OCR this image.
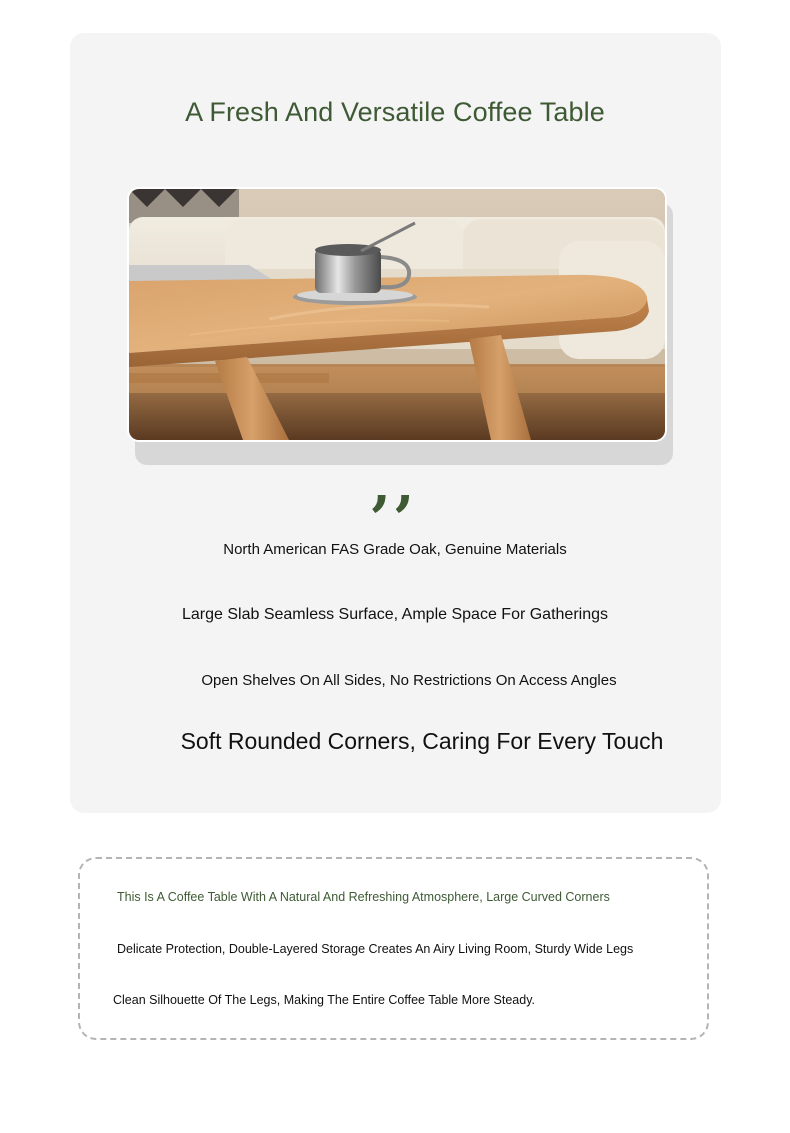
A Fresh And Versatile Coffee Table
,,
North American FAS Grade Oak, Genuine Materials
Large Slab Seamless Surface, Ample Space For Gatherings
Open Shelves On All Sides, No Restrictions On Access Angles
Soft Rounded Corners, Caring For Every Touch
This Is A Coffee Table With A Natural And Refreshing Atmosphere, Large Curved Corners
Delicate Protection, Double-Layered Storage Creates An Airy Living Room, Sturdy Wide Legs
Clean Silhouette Of The Legs, Making The Entire Coffee Table More Steady.
